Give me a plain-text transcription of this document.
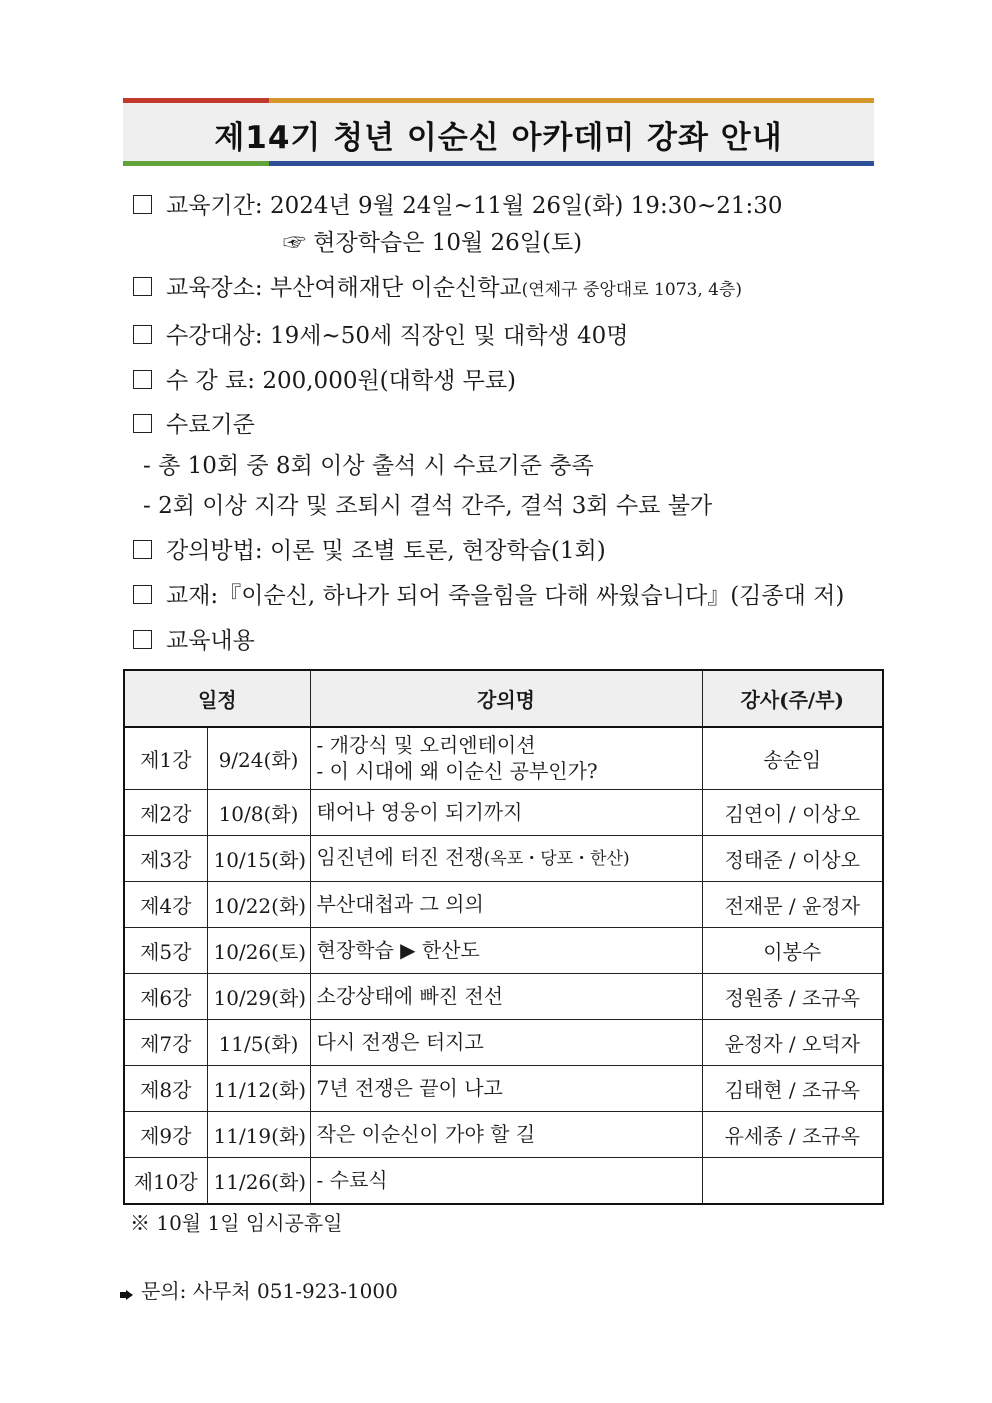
제14기 청년 이순신 아카데미 강좌 안내
교육기간: 2024년 9월 24일~11월 26일(화) 19:30~21:30
☞ 현장학습은 10월 26일(토)
교육장소: 부산여해재단 이순신학교(연제구 중앙대로 1073, 4층)
수강대상: 19세~50세 직장인 및 대학생 40명
수 강 료: 200,000원(대학생 무료)
수료기준
- 총 10회 중 8회 이상 출석 시 수료기준 충족
- 2회 이상 지각 및 조퇴시 결석 간주, 결석 3회 수료 불가
강의방법: 이론 및 조별 토론, 현장학습(1회)
교재:『이순신, 하나가 되어 죽을힘을 다해 싸웠습니다』(김종대 저)
교육내용
일정		강의명	강사(주/부)
제1강	9/24(화)	- 개강식 및 오리엔테이션
- 이 시대에 왜 이순신 공부인가?	송순임
제2강	10/8(화)	태어나 영웅이 되기까지	김연이 / 이상오
제3강	10/15(화)	임진년에 터진 전쟁(옥포・당포・한산)	정태준 / 이상오
제4강	10/22(화)	부산대첩과 그 의의	전재문 / 윤정자
제5강	10/26(토)	현장학습 ▶ 한산도	이봉수
제6강	10/29(화)	소강상태에 빠진 전선	정원종 / 조규옥
제7강	11/5(화)	다시 전쟁은 터지고	윤정자 / 오덕자
제8강	11/12(화)	7년 전쟁은 끝이 나고	김태현 / 조규옥
제9강	11/19(화)	작은 이순신이 가야 할 길	유세종 / 조규옥
제10강	11/26(화)	- 수료식	
※ 10월 1일 임시공휴일
문의: 사무처 051-923-1000
